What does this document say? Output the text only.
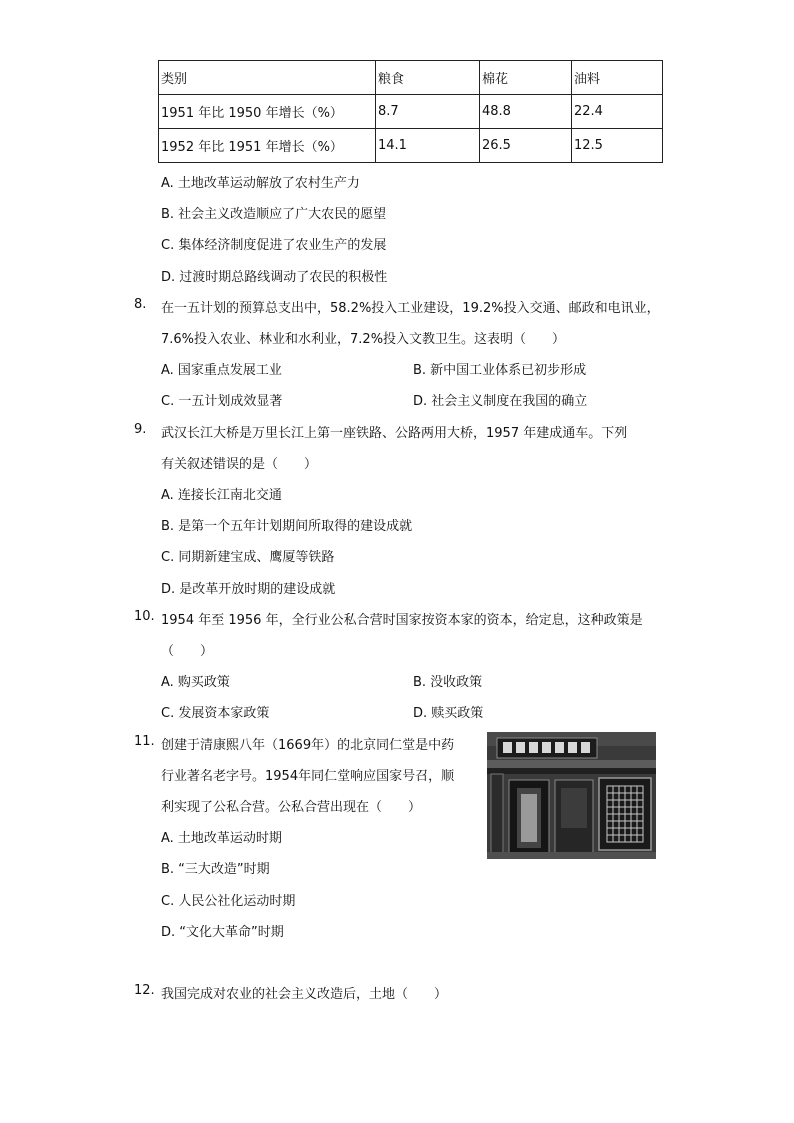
类别	粮食	棉花	油料
1951 年比 1950 年增长（%）	8.7	48.8	22.4
1952 年比 1951 年增长（%）	14.1	26.5	12.5
A. 土地改革运动解放了农村生产力
B. 社会主义改造顺应了广大农民的愿望
C. 集体经济制度促进了农业生产的发展
D. 过渡时期总路线调动了农民的积极性
8. 在一五计划的预算总支出中，58.2%投入工业建设，19.2%投入交通、邮政和电讯业，
7.6%投入农业、林业和水利业，7.2%投入文教卫生。这表明（　　）
A. 国家重点发展工业	B. 新中国工业体系已初步形成
C. 一五计划成效显著	D. 社会主义制度在我国的确立
9. 武汉长江大桥是万里长江上第一座铁路、公路两用大桥，1957 年建成通车。下列
有关叙述错误的是（　　）
A. 连接长江南北交通
B. 是第一个五年计划期间所取得的建设成就
C. 同期新建宝成、鹰厦等铁路
D. 是改革开放时期的建设成就
10. 1954 年至 1956 年，全行业公私合营时国家按资本家的资本，给定息，这种政策是
（　　）
A. 购买政策	B. 没收政策
C. 发展资本家政策	D. 赎买政策
11. 创建于清康熙八年（1669年）的北京同仁堂是中药
行业著名老字号。1954年同仁堂响应国家号召，顺
利实现了公私合营。公私合营出现在（　　）
A. 土地改革运动时期
B. “三大改造”时期
C. 人民公社化运动时期
D. “文化大革命”时期
12. 我国完成对农业的社会主义改造后，土地（　　）
